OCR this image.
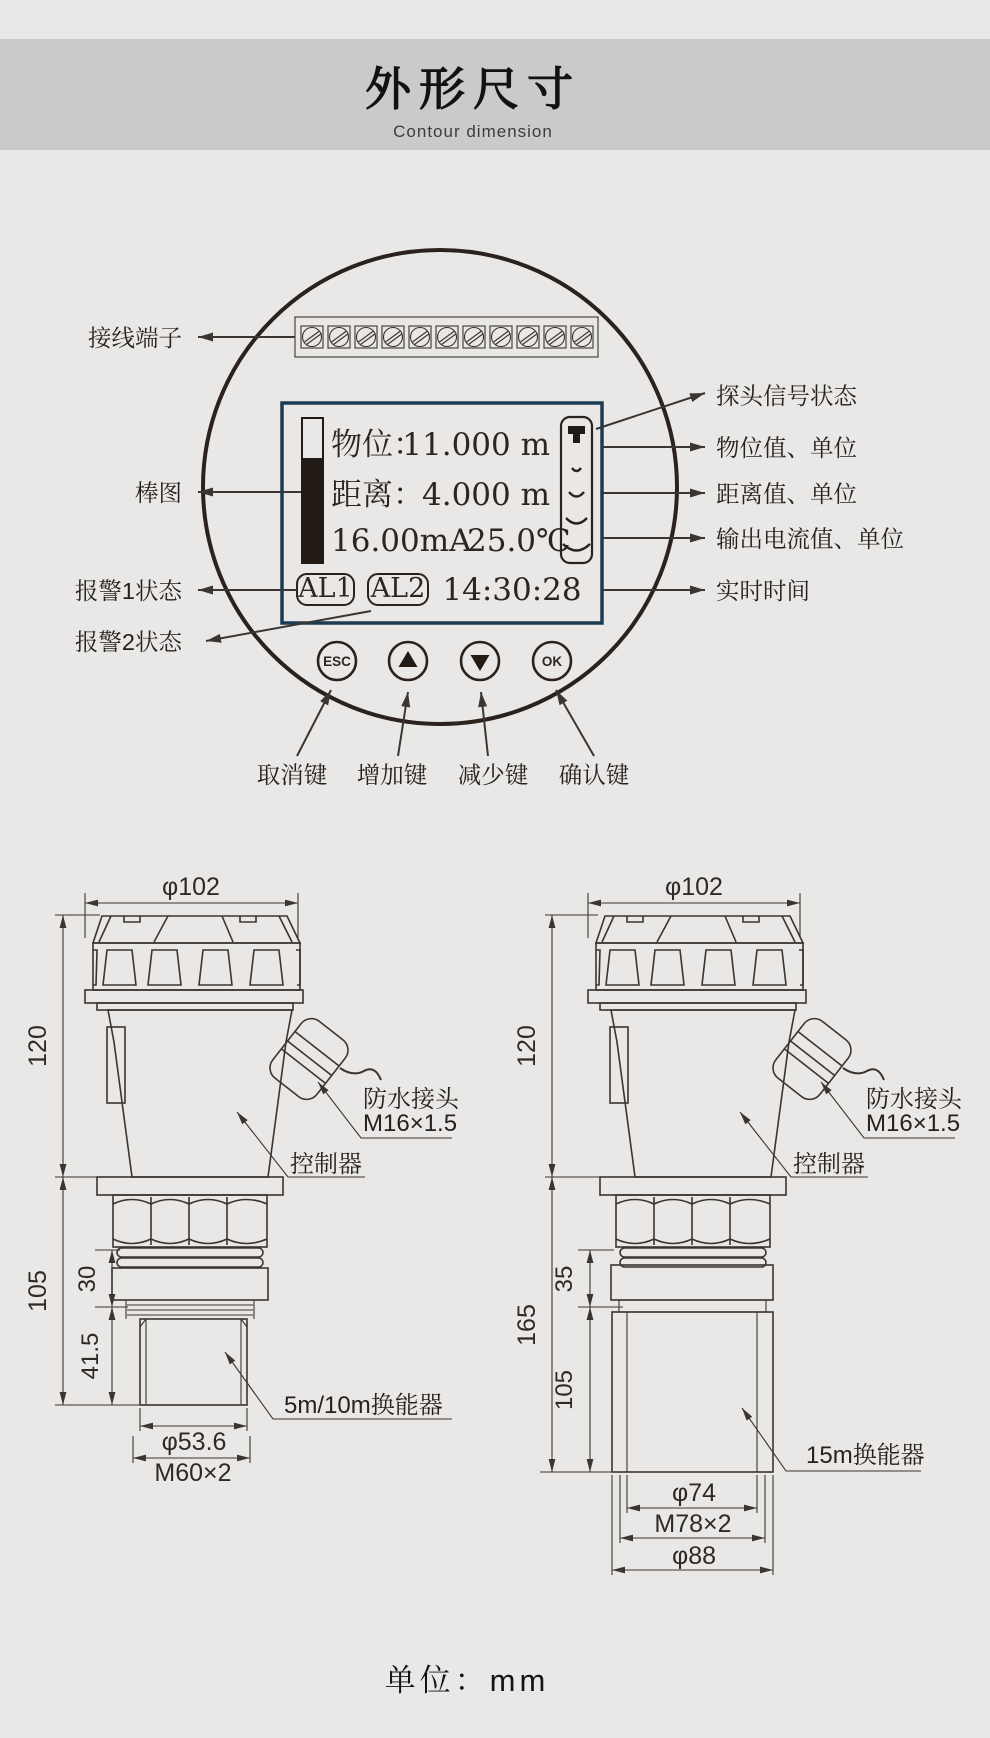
外形尺寸

Contour dimension

物位：
11.000 m
距离：
4.000 m
16.00mA
25.0℃
AL1 AL2 14:30:28
ESC	OK
接线端子
棒图
报警1状态
报警2状态
探头信号状态
物位值、单位
距离值、单位
输出电流值、单位
实时时间
取消键 增加键 减少键 确认键
φ102
120
105 30
41.5
φ53.6
M60×2
防水接头
M16×1.5
控制器
5m/10m换能器
φ102
120
165
35
105
φ74
M78×2
φ88
防水接头
M16×1.5
控制器
15m换能器
单位：mm
